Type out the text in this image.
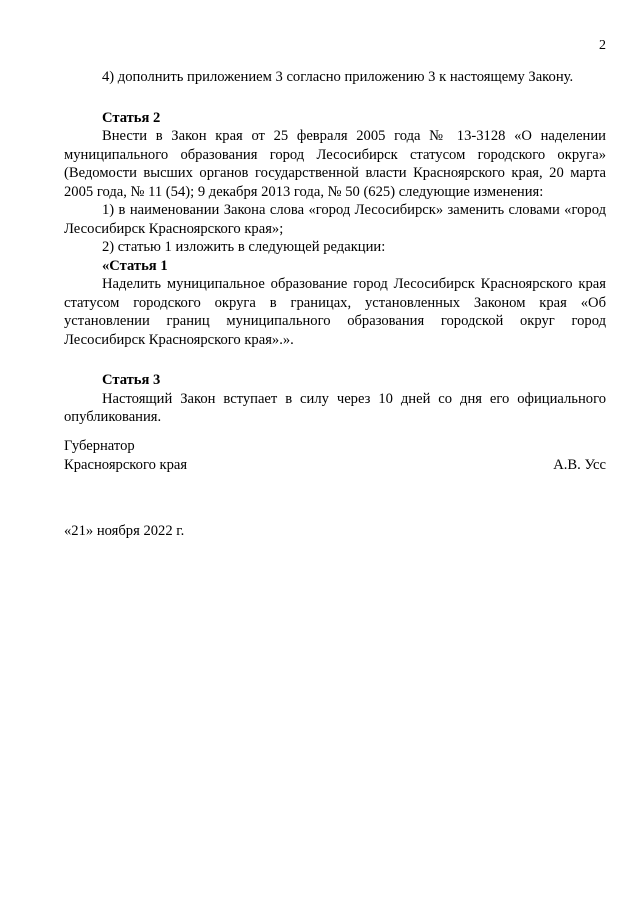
2

4) дополнить приложением 3 согласно приложению 3 к настоящему Закону.

Статья 2

Внести в Закон края от 25 февраля 2005 года № 13-3128 «О наделении муниципального образования город Лесосибирск статусом городского округа» (Ведомости высших органов государственной власти Красноярского края, 20 марта 2005 года, № 11 (54); 9 декабря 2013 года, № 50 (625) следующие изменения:

1) в наименовании Закона слова «город Лесосибирск» заменить словами «город Лесосибирск Красноярского края»;

2) статью 1 изложить в следующей редакции:

«Статья 1

Наделить муниципальное образование город Лесосибирск Красноярского края статусом городского округа в границах, установленных Законом края «Об установлении границ муниципального образования городской округ город Лесосибирск Красноярского края».».

Статья 3

Настоящий Закон вступает в силу через 10 дней со дня его официального опубликования.

Губернатор
Красноярского края	А.В. Усс
«21» ноября 2022 г.
